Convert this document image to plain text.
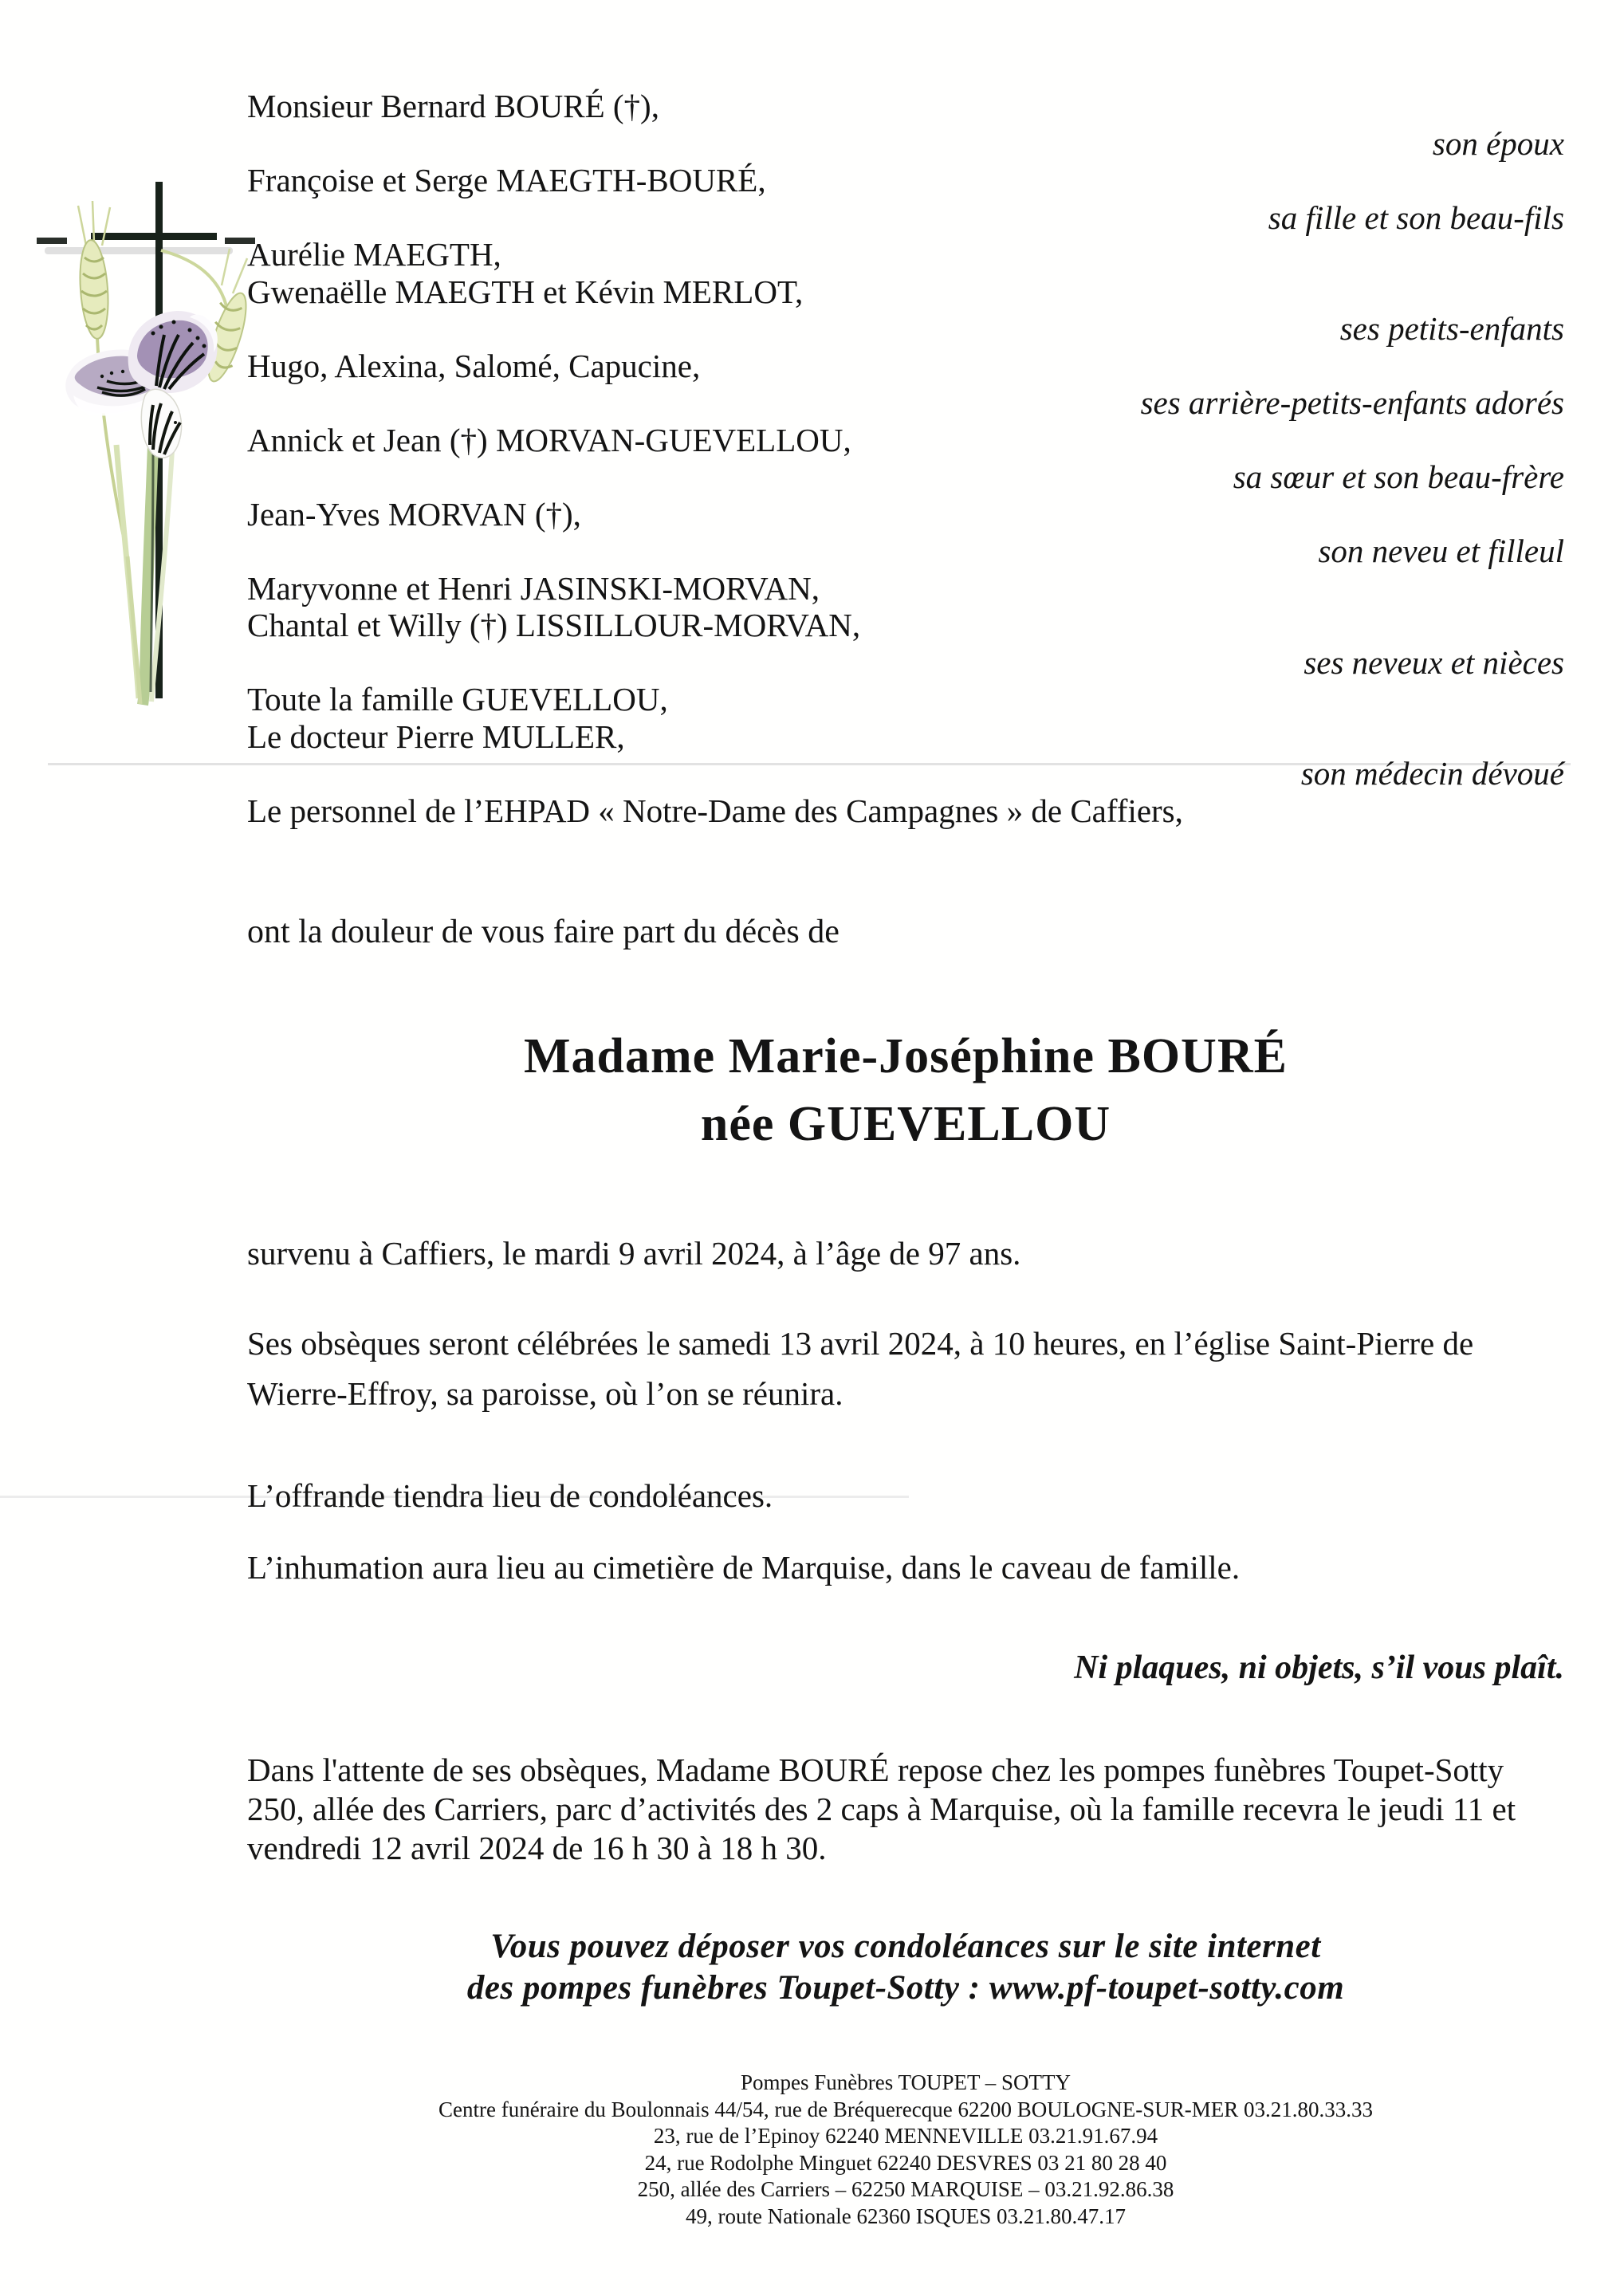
Monsieur Bernard BOURÉ (†),
son époux
Françoise et Serge MAEGTH-BOURÉ,
sa fille et son beau-fils
Aurélie MAEGTH,
Gwenaëlle MAEGTH et Kévin MERLOT,
ses petits-enfants
Hugo, Alexina, Salomé, Capucine,
ses arrière-petits-enfants adorés
Annick et Jean (†) MORVAN-GUEVELLOU,
sa sœur et son beau-frère
Jean-Yves MORVAN (†),
son neveu et filleul
Maryvonne et Henri JASINSKI-MORVAN,
Chantal et Willy (†) LISSILLOUR-MORVAN,
ses neveux et nièces
Toute la famille GUEVELLOU,
Le docteur Pierre MULLER,
son médecin dévoué
Le personnel de l’EHPAD « Notre-Dame des Campagnes » de Caffiers,
ont la douleur de vous faire part du décès de
Madame Marie-Joséphine BOURÉ
née GUEVELLOU
survenu à Caffiers, le mardi 9 avril 2024, à l’âge de 97 ans.
Ses obsèques seront célébrées le samedi 13 avril 2024, à 10 heures, en l’église Saint-Pierre de
Wierre-Effroy, sa paroisse, où l’on se réunira.
L’offrande tiendra lieu de condoléances.
L’inhumation aura lieu au cimetière de Marquise, dans le caveau de famille.
Ni plaques, ni objets, s’il vous plaît.
Dans l'attente de ses obsèques, Madame BOURÉ repose chez les pompes funèbres Toupet-Sotty
250, allée des Carriers, parc d’activités des 2 caps à Marquise, où la famille recevra le jeudi 11 et
vendredi 12 avril 2024 de 16 h 30 à 18 h 30.
Vous pouvez déposer vos condoléances sur le site internet
des pompes funèbres Toupet-Sotty : www.pf-toupet-sotty.com
Pompes Funèbres TOUPET – SOTTY
Centre funéraire du Boulonnais 44/54, rue de Bréquerecque 62200 BOULOGNE-SUR-MER 03.21.80.33.33
23, rue de l’Epinoy 62240 MENNEVILLE 03.21.91.67.94
24, rue Rodolphe Minguet 62240 DESVRES 03 21 80 28 40
250, allée des Carriers – 62250 MARQUISE – 03.21.92.86.38
49, route Nationale 62360 ISQUES 03.21.80.47.17
